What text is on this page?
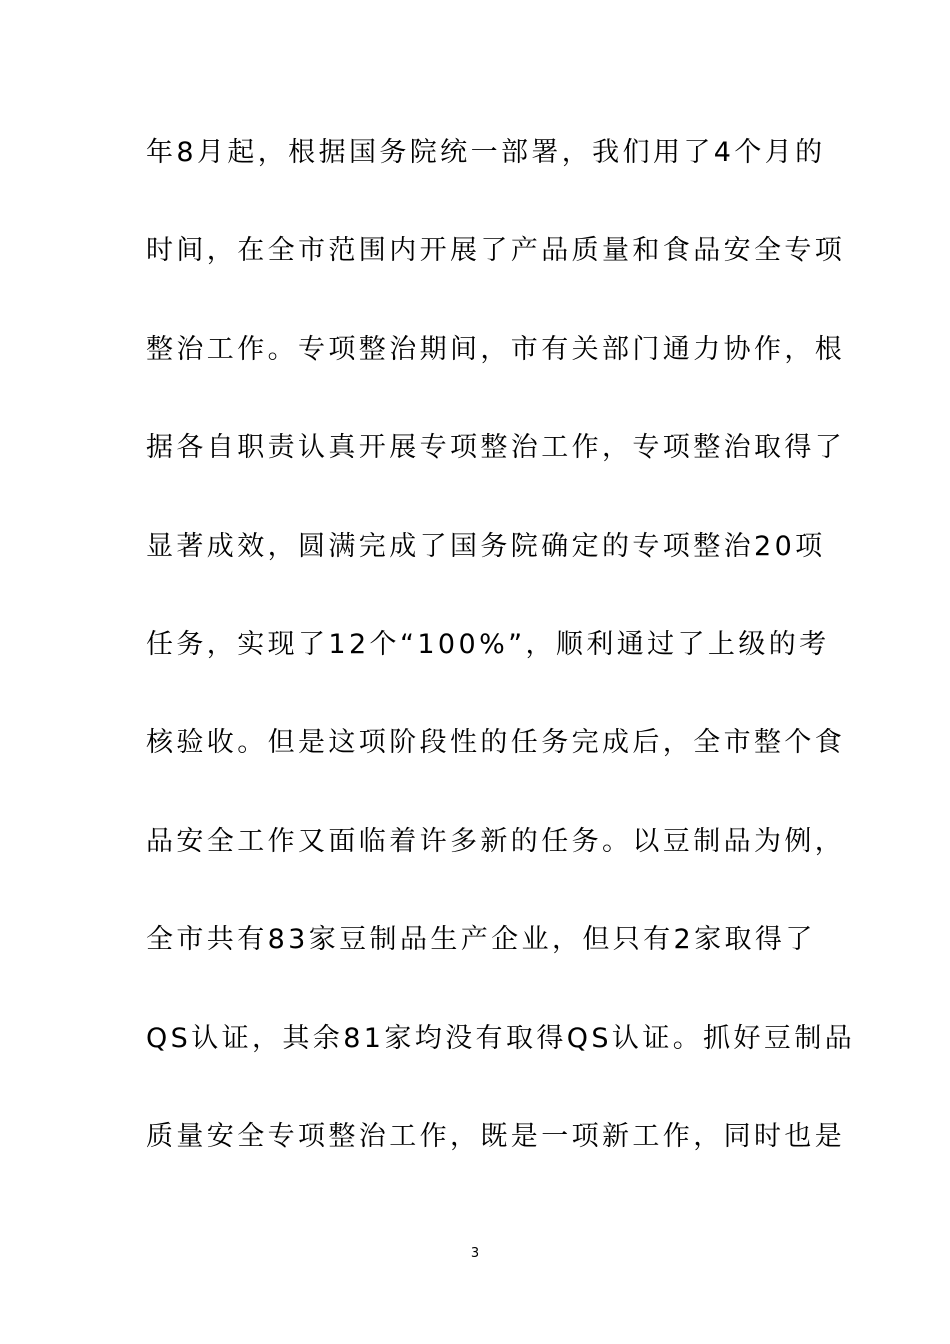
年8月起，根据国务院统一部署，我们用了4个月的
时间，在全市范围内开展了产品质量和食品安全专项
整治工作。专项整治期间，市有关部门通力协作，根
据各自职责认真开展专项整治工作，专项整治取得了
显著成效，圆满完成了国务院确定的专项整治20项
任务，实现了12个“100%”，顺利通过了上级的考
核验收。但是这项阶段性的任务完成后，全市整个食
品安全工作又面临着许多新的任务。以豆制品为例，
全市共有83家豆制品生产企业，但只有2家取得了
QS认证，其余81家均没有取得QS认证。抓好豆制品
质量安全专项整治工作，既是一项新工作，同时也是
3
